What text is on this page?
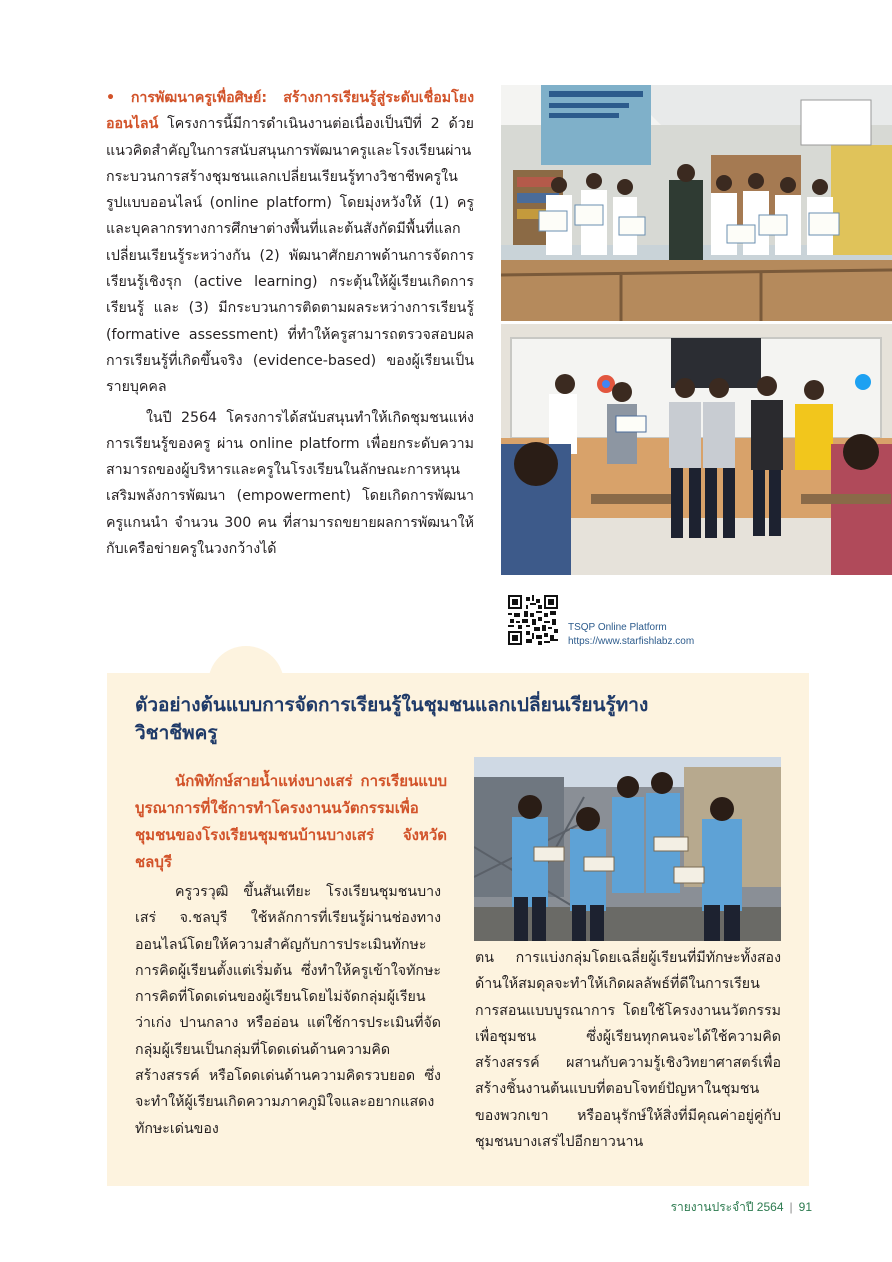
• การพัฒนาครูเพื่อศิษย์: สร้างการเรียนรู้สู่ระดับเชื่อมโยงออนไลน์ โครงการนี้มีการดำเนินงานต่อเนื่องเป็นปีที่ 2 ด้วยแนวคิดสำคัญในการสนับสนุนการพัฒนาครูและโรงเรียนผ่านกระบวนการสร้างชุมชนแลกเปลี่ยนเรียนรู้ทางวิชาชีพครูในรูปแบบออนไลน์ (online platform) โดยมุ่งหวังให้ (1) ครูและบุคลากรทางการศึกษาต่างพื้นที่และต้นสังกัดมีพื้นที่แลกเปลี่ยนเรียนรู้ระหว่างกัน (2) พัฒนาศักยภาพด้านการจัดการเรียนรู้เชิงรุก (active learning) กระตุ้นให้ผู้เรียนเกิดการเรียนรู้ และ (3) มีกระบวนการติดตามผลระหว่างการเรียนรู้ (formative assessment) ที่ทำให้ครูสามารถตรวจสอบผลการเรียนรู้ที่เกิดขึ้นจริง (evidence-based) ของผู้เรียนเป็นรายบุคคล

ในปี 2564 โครงการได้สนับสนุนทำให้เกิดชุมชนแห่งการเรียนรู้ของครู ผ่าน online platform เพื่อยกระดับความสามารถของผู้บริหารและครูในโรงเรียนในลักษณะการหนุนเสริมพลังการพัฒนา (empowerment) โดยเกิดการพัฒนาครูแกนนำ จำนวน 300 คน ที่สามารถขยายผลการพัฒนาให้กับเครือข่ายครูในวงกว้างได้

TSQP Online Platform
https://www.starfishlabz.com
ตัวอย่างต้นแบบการจัดการเรียนรู้ในชุมชนแลกเปลี่ยนเรียนรู้ทางวิชาชีพครู

นักพิทักษ์สายน้ำแห่งบางเสร่ การเรียนแบบบูรณาการที่ใช้การทำโครงงานนวัตกรรมเพื่อชุมชนของโรงเรียนชุมชนบ้านบางเสร่ จังหวัดชลบุรี

ครูวรวุฒิ ขึ้นสันเทียะ โรงเรียนชุมชนบางเสร่ จ.ชลบุรี ใช้หลักการที่เรียนรู้ผ่านช่องทางออนไลน์โดยให้ความสำคัญกับการประเมินทักษะการคิดผู้เรียนตั้งแต่เริ่มต้น ซึ่งทำให้ครูเข้าใจทักษะการคิดที่โดดเด่นของผู้เรียนโดยไม่จัดกลุ่มผู้เรียนว่าเก่ง ปานกลาง หรืออ่อน แต่ใช้การประเมินที่จัดกลุ่มผู้เรียนเป็นกลุ่มที่โดดเด่นด้านความคิดสร้างสรรค์ หรือโดดเด่นด้านความคิดรวบยอด ซึ่งจะทำให้ผู้เรียนเกิดความภาคภูมิใจและอยากแสดงทักษะเด่นของ

ตน การแบ่งกลุ่มโดยเฉลี่ยผู้เรียนที่มีทักษะทั้งสองด้านให้สมดุลจะทำให้เกิดผลลัพธ์ที่ดีในการเรียนการสอนแบบบูรณาการ โดยใช้โครงงานนวัตกรรมเพื่อชุมชน ซึ่งผู้เรียนทุกคนจะได้ใช้ความคิดสร้างสรรค์ ผสานกับความรู้เชิงวิทยาศาสตร์เพื่อสร้างชิ้นงานต้นแบบที่ตอบโจทย์ปัญหาในชุมชนของพวกเขา หรืออนุรักษ์ให้สิ่งที่มีคุณค่าอยู่คู่กับชุมชนบางเสร่ไปอีกยาวนาน

รายงานประจำปี 2564 | 91
